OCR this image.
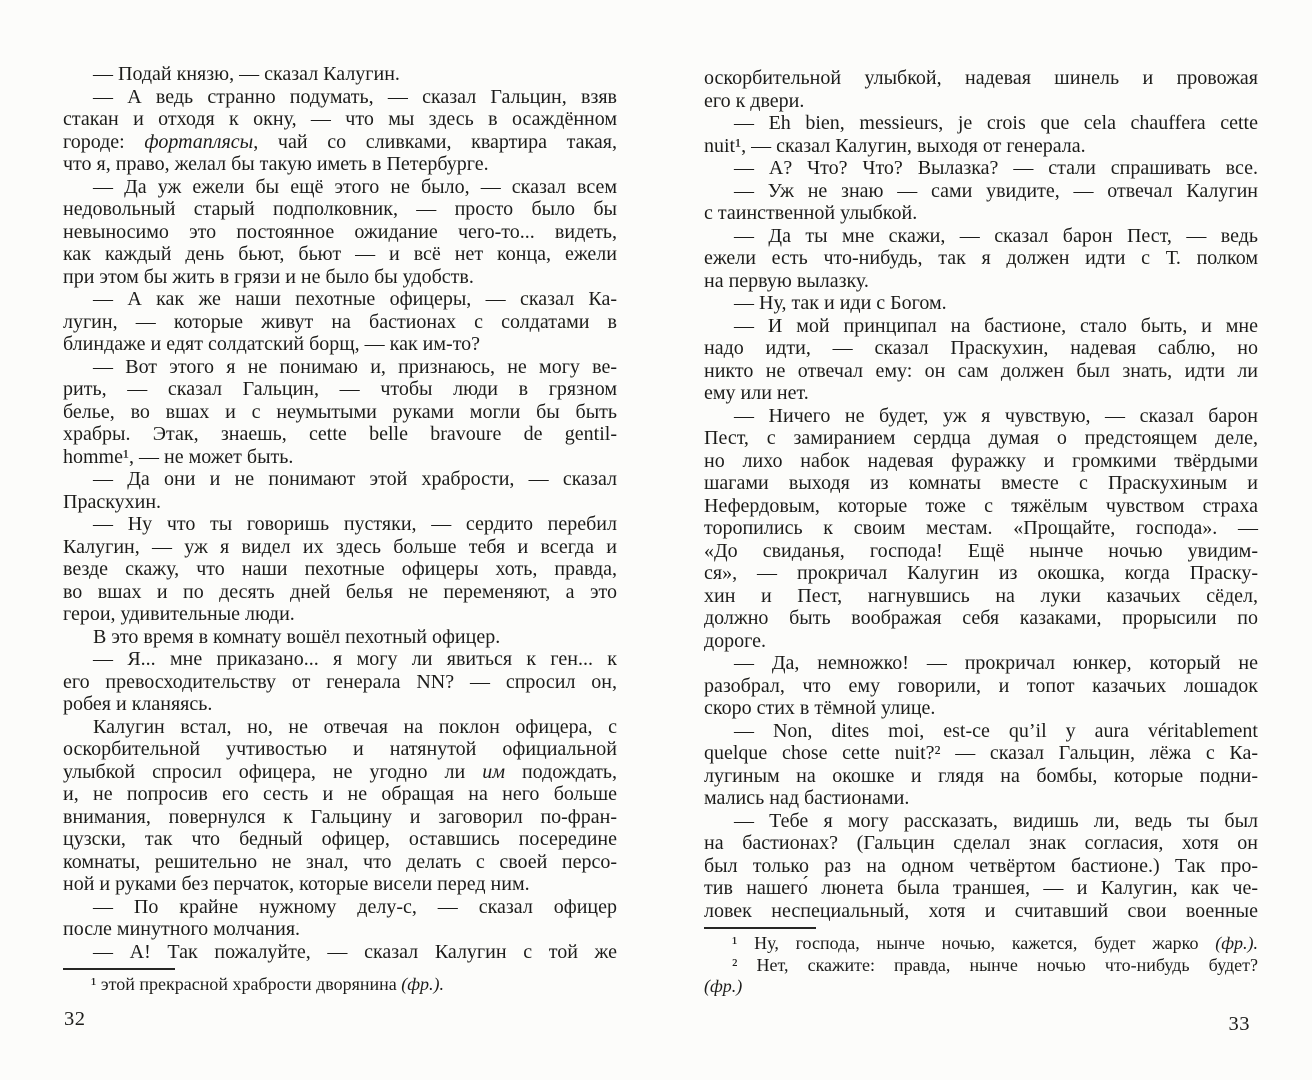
— Подай князю, — сказал Калугин.
— А ведь странно подумать, — сказал Гальцин, взяв
стакан и отходя к окну, — что мы здесь в осаждённом
городе: фортаплясы, чай со сливками, квартира такая,
что я, право, желал бы такую иметь в Петербурге.
— Да уж ежели бы ещё этого не было, — сказал всем
недовольный старый подполковник, — просто было бы
невыносимо это постоянное ожидание чего-то... видеть,
как каждый день бьют, бьют — и всё нет конца, ежели
при этом бы жить в грязи и не было бы удобств.
— А как же наши пехотные офицеры, — сказал Ка-
лугин, — которые живут на бастионах с солдатами в
блиндаже и едят солдатский борщ, — как им-то?
— Вот этого я не понимаю и, признаюсь, не могу ве-
рить, — сказал Гальцин, — чтобы люди в грязном
белье, во вшах и с неумытыми руками могли бы быть
храбры. Этак, знаешь, cette belle bravoure de gentil-
homme¹, — не может быть.
— Да они и не понимают этой храбрости, — сказал
Праскухин.
— Ну что ты говоришь пустяки, — сердито перебил
Калугин, — уж я видел их здесь больше тебя и всегда и
везде скажу, что наши пехотные офицеры хоть, правда,
во вшах и по десять дней белья не переменяют, а это
герои, удивительные люди.
В это время в комнату вошёл пехотный офицер.
— Я... мне приказано... я могу ли явиться к ген... к
его превосходительству от генерала NN? — спросил он,
робея и кланяясь.
Калугин встал, но, не отвечая на поклон офицера, с
оскорбительной учтивостью и натянутой официальной
улыбкой спросил офицера, не угодно ли им подождать,
и, не попросив его сесть и не обращая на него больше
внимания, повернулся к Гальцину и заговорил по-фран-
цузски, так что бедный офицер, оставшись посередине
комнаты, решительно не знал, что делать с своей персо-
ной и руками без перчаток, которые висели перед ним.
— По крайне нужному делу-с, — сказал офицер
после минутного молчания.
— А! Так пожалуйте, — сказал Калугин с той же
¹ этой прекрасной храбрости дворянина (фр.).
32
оскорбительной улыбкой, надевая шинель и провожая
его к двери.
— Eh bien, messieurs, je crois que cela chauffera cette
nuit¹, — сказал Калугин, выходя от генерала.
— А? Что? Что? Вылазка? — стали спрашивать все.
— Уж не знаю — сами увидите, — отвечал Калугин
с таинственной улыбкой.
— Да ты мне скажи, — сказал барон Пест, — ведь
ежели есть что-нибудь, так я должен идти с Т. полком
на первую вылазку.
— Ну, так и иди с Богом.
— И мой принципал на бастионе, стало быть, и мне
надо идти, — сказал Праскухин, надевая саблю, но
никто не отвечал ему: он сам должен был знать, идти ли
ему или нет.
— Ничего не будет, уж я чувствую, — сказал барон
Пест, с замиранием сердца думая о предстоящем деле,
но лихо набок надевая фуражку и громкими твёрдыми
шагами выходя из комнаты вместе с Праскухиным и
Нефердовым, которые тоже с тяжёлым чувством страха
торопились к своим местам. «Прощайте, господа». —
«До свиданья, господа! Ещё нынче ночью увидим-
ся», — прокричал Калугин из окошка, когда Праску-
хин и Пест, нагнувшись на луки казачьих сёдел,
должно быть воображая себя казаками, прорысили по
дороге.
— Да, немножко! — прокричал юнкер, который не
разобрал, что ему говорили, и топот казачьих лошадок
скоро стих в тёмной улице.
— Non, dites moi, est-ce qu’il y aura véritablement
quelque chose cette nuit?² — сказал Гальцин, лёжа с Ка-
лугиным на окошке и глядя на бомбы, которые подни-
мались над бастионами.
— Тебе я могу рассказать, видишь ли, ведь ты был
на бастионах? (Гальцин сделал знак согласия, хотя он
был только раз на одном четвёртом бастионе.) Так про-
тив нашего́ люнета была траншея, — и Калугин, как че-
ловек неспециальный, хотя и считавший свои военные
¹ Ну, господа, нынче ночью, кажется, будет жарко (фр.).
² Нет, скажите: правда, нынче ночью что-нибудь будет?
(фр.)
33
